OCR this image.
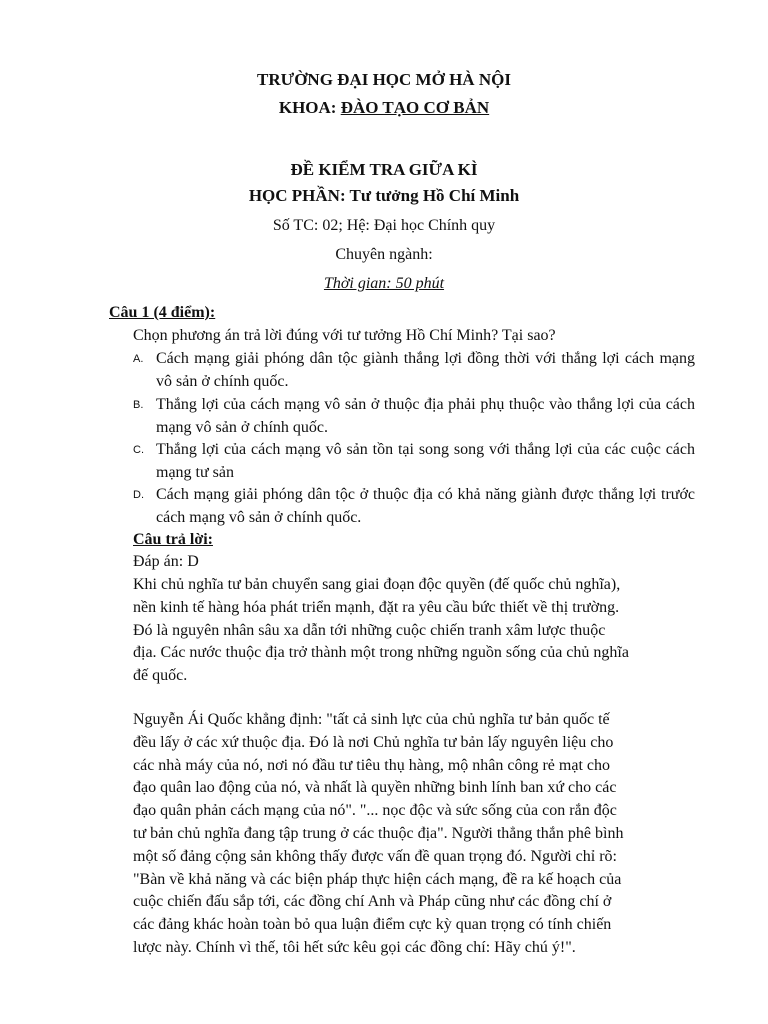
TRƯỜNG ĐẠI HỌC MỞ HÀ NỘI
KHOA: ĐÀO TẠO CƠ BẢN
ĐỀ KIỂM TRA GIỮA KÌ
HỌC PHẦN: Tư tưởng Hồ Chí Minh
Số TC: 02; Hệ: Đại học Chính quy
Chuyên ngành:
Thời gian: 50 phút
Câu 1 (4 điểm):
Chọn phương án trả lời đúng với tư tưởng Hồ Chí Minh? Tại sao?
A. Cách mạng giải phóng dân tộc giành thắng lợi đồng thời với thắng lợi cách mạng vô sản ở chính quốc.
B. Thắng lợi của cách mạng vô sản ở thuộc địa phải phụ thuộc vào thắng lợi của cách mạng vô sản ở chính quốc.
C. Thắng lợi của cách mạng vô sản tồn tại song song với thắng lợi của các cuộc cách mạng tư sản
D. Cách mạng giải phóng dân tộc ở thuộc địa có khả năng giành được thắng lợi trước cách mạng vô sản ở chính quốc.
Câu trả lời:
Đáp án: D
Khi chủ nghĩa tư bản chuyển sang giai đoạn độc quyền (đế quốc chủ nghĩa),
nền kinh tế hàng hóa phát triển mạnh, đặt ra yêu cầu bức thiết về thị trường.
Đó là nguyên nhân sâu xa dẫn tới những cuộc chiến tranh xâm lược thuộc
địa. Các nước thuộc địa trở thành một trong những nguồn sống của chủ nghĩa
đế quốc.
Nguyễn Ái Quốc khẳng định: "tất cả sinh lực của chủ nghĩa tư bản quốc tế
đều lấy ở các xứ thuộc địa. Đó là nơi Chủ nghĩa tư bản lấy nguyên liệu cho
các nhà máy của nó, nơi nó đầu tư tiêu thụ hàng, mộ nhân công rẻ mạt cho
đạo quân lao động của nó, và nhất là quyền những binh lính ban xứ cho các
đạo quân phản cách mạng của nó". "... nọc độc và sức sống của con rắn độc
tư bản chủ nghĩa đang tập trung ở các thuộc địa". Người thẳng thắn phê bình
một số đảng cộng sản không thấy được vấn đề quan trọng đó. Người chỉ rõ:
"Bàn về khả năng và các biện pháp thực hiện cách mạng, đề ra kế hoạch của
cuộc chiến đấu sắp tới, các đồng chí Anh và Pháp cũng như các đồng chí ở
các đảng khác hoàn toàn bỏ qua luận điểm cực kỳ quan trọng có tính chiến
lược này. Chính vì thế, tôi hết sức kêu gọi các đồng chí: Hãy chú ý!".
